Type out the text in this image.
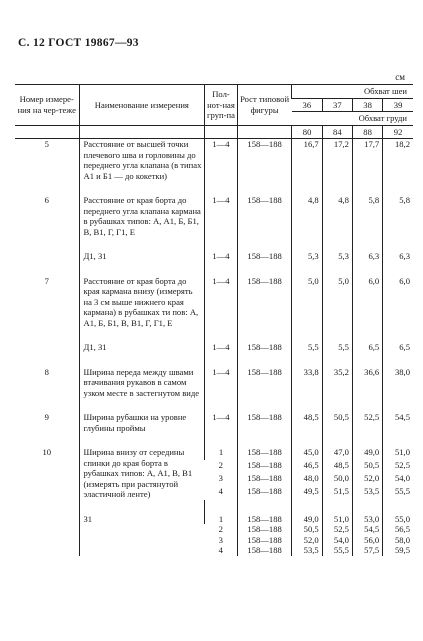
С. 12 ГОСТ 19867—93
см
Номер измере-ния на чер-теже	Наименование измерения	Пол-нот-ная груп-па	Рост типовой фигуры	Обхват шеи			
				36	37	38	39
				Обхват груди			
				80	84	88	92
5	Расстояние от высшей точки плечевого шва и горловины до переднего угла клапана (в типах А1 и Б1 — до кокетки)	1—4	158—188	16,7	17,2	17,7	18,2

6	Расстояние от края борта до переднего угла клапана кармана в рубашках типов: А, А1, Б, Б1, В, В1, Г, Г1, Е	1—4	158—188	4,8	4,8	5,8	5,8

	Д1, З1	1—4	158—188	5,3	5,3	6,3	6,3

7	Расстояние от края борта до края кармана внизу (измерять на 3 см выше нижнего края кармана) в рубашках ти пов: А, А1, Б, Б1, В, В1, Г, Г1, Е	1—4	158—188	5,0	5,0	6,0	6,0

	Д1, З1	1—4	158—188	5,5	5,5	6,5	6,5

8	Ширина переда между швами втачивания рукавов в самом узком месте в застегнутом виде	1—4	158—188	33,8	35,2	36,6	38,0

9	Ширина рубашки на уровне глубины проймы	1—4	158—188	48,5	50,5	52,5	54,5

10	Ширина внизу от середины спинки до края борта в рубашках типов: А, А1, В, В1 (измерять при растянутой эластичной ленте)	1	158—188	45,0	47,0	49,0	51,0
		2	158—188	46,5	48,5	50,5	52,5
		3	158—188	48,0	50,0	52,0	54,0
		4	158—188	49,5	51,5	53,5	55,5

	З1	1	158—188	49,0	51,0	53,0	55,0
		2	158—188	50,5	52,5	54,5	56,5
		3	158—188	52,0	54,0	56,0	58,0
		4	158—188	53,5	55,5	57,5	59,5
